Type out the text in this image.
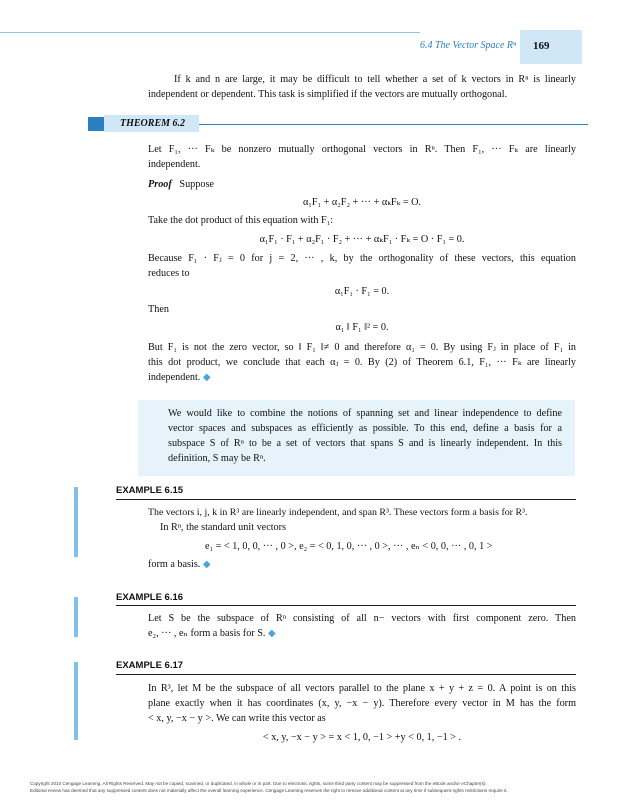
6.4 The Vector Space Rⁿ 169
If k and n are large, it may be difficult to tell whether a set of k vectors in Rⁿ is linearly
independent or dependent. This task is simplified if the vectors are mutually orthogonal.
THEOREM 6.2
Let F₁, ··· Fₖ be nonzero mutually orthogonal vectors in Rⁿ. Then F₁, ··· Fₖ are linearly
independent.
Proof Suppose
α₁F₁ + α₂F₂ + ··· + αₖFₖ = O.
Take the dot product of this equation with F₁:
α₁F₁ · F₁ + α₂F₁ · F₂ + ··· + αₖF₁ · Fₖ = O · F₁ = 0.
Because F₁ · Fⱼ = 0 for j = 2, ··· , k, by the orthogonality of these vectors, this equation
reduces to
α₁F₁ · F₁ = 0.
Then
α₁ ‖ F₁ ‖² = 0.
But F₁ is not the zero vector, so ‖ F₁ ‖≠ 0 and therefore α₁ = 0. By using Fⱼ in place of F₁ in
this dot product, we conclude that each αⱼ = 0. By (2) of Theorem 6.1, F₁, ··· Fₖ are linearly
independent. ◆
We would like to combine the notions of spanning set and linear independence to define
vector spaces and subspaces as efficiently as possible. To this end, define a basis for a
subspace S of Rⁿ to be a set of vectors that spans S and is linearly independent. In this
definition, S may be Rⁿ.
EXAMPLE 6.15
The vectors i, j, k in R³ are linearly independent, and span R³. These vectors form a basis for R³.
In Rⁿ, the standard unit vectors
e₁ = < 1, 0, 0, ··· , 0 >, e₂ = < 0, 1, 0, ··· , 0 >, ··· , eₙ < 0, 0, ··· , 0, 1 >
form a basis. ◆
EXAMPLE 6.16
Let S be the subspace of Rⁿ consisting of all n− vectors with first component zero. Then
e₂, ··· , eₙ form a basis for S. ◆
EXAMPLE 6.17
In R³, let M be the subspace of all vectors parallel to the plane x + y + z = 0. A point is on this
plane exactly when it has coordinates (x, y, −x − y). Therefore every vector in M has the form
< x, y, −x − y >. We can write this vector as
< x, y, −x − y > = x < 1, 0, −1 > +y < 0, 1, −1 > .
Copyright 2010 Cengage Learning. All Rights Reserved. May not be copied, scanned, or duplicated, in whole or in part. Due to electronic rights, some third party content may be suppressed from the eBook and/or eChapter(s).
Editorial review has deemed that any suppressed content does not materially affect the overall learning experience. Cengage Learning reserves the right to remove additional content at any time if subsequent rights restrictions require it.
